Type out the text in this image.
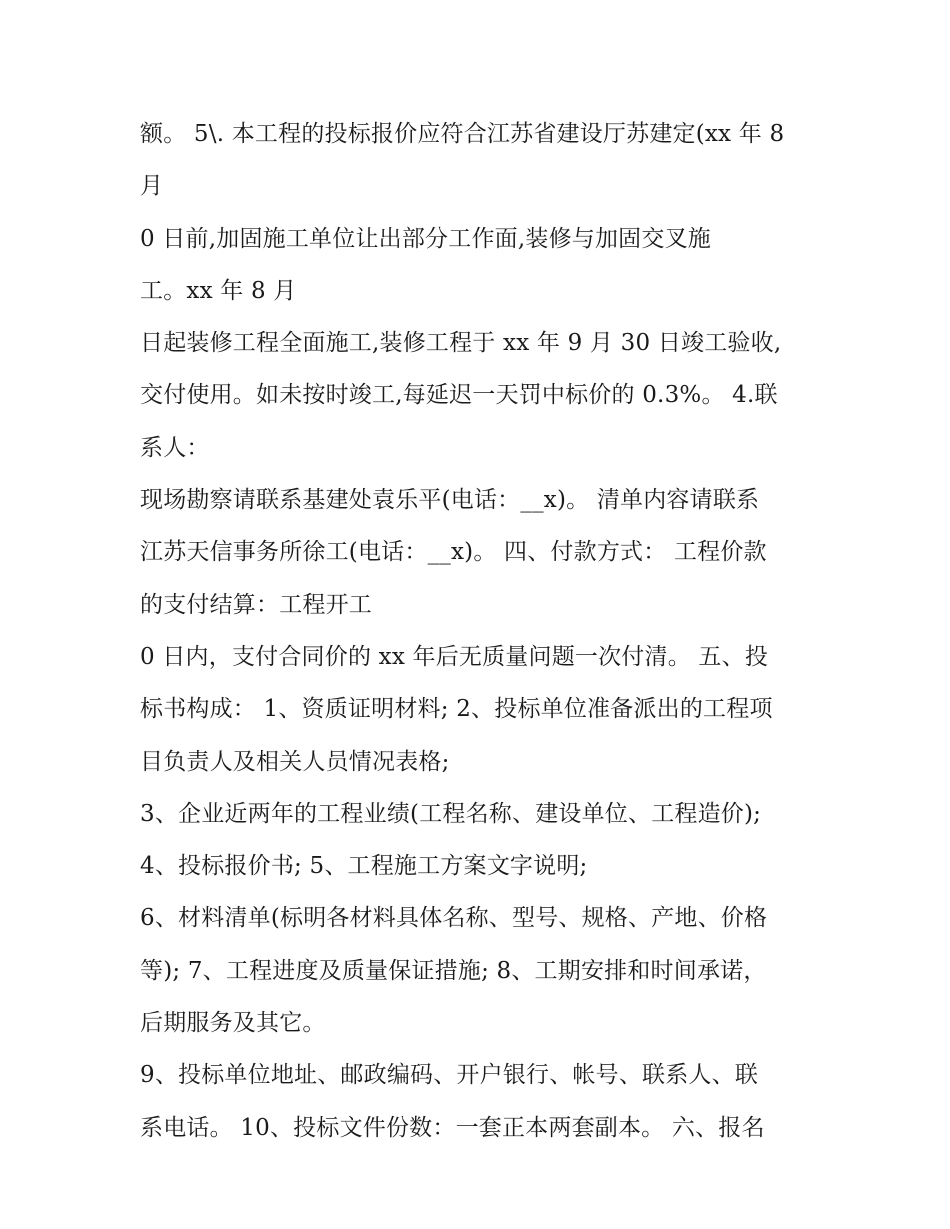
额。 5\. 本工程的投标报价应符合江苏省建设厅苏建定(xx 年 8
月
0 日前,加固施工单位让出部分工作面,装修与加固交叉施
工。xx 年 8 月
日起装修工程全面施工,装修工程于 xx 年 9 月 30 日竣工验收,
交付使用。如未按时竣工,每延迟一天罚中标价的 0.3%。 4.联
系人：
现场勘察请联系基建处袁乐平(电话：__x)。 清单内容请联系
江苏天信事务所徐工(电话：__x)。 四、付款方式： 工程价款
的支付结算：工程开工
0 日内，支付合同价的 xx 年后无质量问题一次付清。 五、投
标书构成： 1、资质证明材料; 2、投标单位准备派出的工程项
目负责人及相关人员情况表格;
3、企业近两年的工程业绩(工程名称、建设单位、工程造价);
4、投标报价书; 5、工程施工方案文字说明;
6、材料清单(标明各材料具体名称、型号、规格、产地、价格
等); 7、工程进度及质量保证措施; 8、工期安排和时间承诺，
后期服务及其它。
9、投标单位地址、邮政编码、开户银行、帐号、联系人、联
系电话。 10、投标文件份数：一套正本两套副本。 六、报名
